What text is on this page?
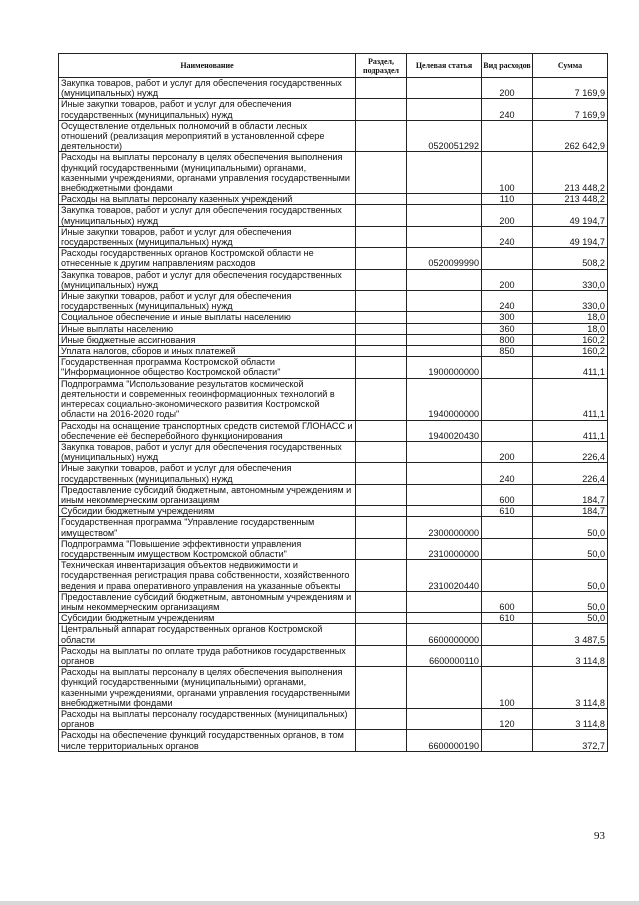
Наименование	Раздел, подраздел	Целевая статья	Вид расходов	Сумма
Закупка товаров, работ и услуг для обеспечения государственных (муниципальных) нужд			200	7 169,9
Иные закупки товаров, работ и услуг для обеспечения государственных (муниципальных) нужд			240	7 169,9
Осуществление отдельных полномочий в области лесных отношений (реализация мероприятий в установленной сфере деятельности)		0520051292		262 642,9
Расходы на выплаты персоналу в целях обеспечения выполнения функций государственными (муниципальными) органами, казенными учреждениями, органами управления государственными внебюджетными фондами			100	213 448,2
Расходы на выплаты персоналу казенных учреждений			110	213 448,2
Закупка товаров, работ и услуг для обеспечения государственных (муниципальных) нужд			200	49 194,7
Иные закупки товаров, работ и услуг для обеспечения государственных (муниципальных) нужд			240	49 194,7
Расходы государственных органов Костромской области не отнесенные к другим направлениям расходов		0520099990		508,2
Закупка товаров, работ и услуг для обеспечения государственных (муниципальных) нужд			200	330,0
Иные закупки товаров, работ и услуг для обеспечения государственных (муниципальных) нужд			240	330,0
Социальное обеспечение и иные выплаты населению			300	18,0
Иные выплаты населению			360	18,0
Иные бюджетные ассигнования			800	160,2
Уплата налогов, сборов и иных платежей			850	160,2
Государственная программа Костромской области "Информационное общество Костромской области"		1900000000		411,1
Подпрограмма "Использование результатов космической деятельности и современных геоинформационных технологий в интересах социально-экономического развития Костромской области на 2016-2020 годы"		1940000000		411,1
Расходы на оснащение транспортных средств системой ГЛОНАСС и обеспечение её бесперебойного функционирования		1940020430		411,1
Закупка товаров, работ и услуг для обеспечения государственных (муниципальных) нужд			200	226,4
Иные закупки товаров, работ и услуг для обеспечения государственных (муниципальных) нужд			240	226,4
Предоставление субсидий бюджетным, автономным учреждениям и иным некоммерческим организациям			600	184,7
Субсидии бюджетным учреждениям			610	184,7
Государственная программа "Управление государственным имуществом"		2300000000		50,0
Подпрограмма "Повышение эффективности управления государственным имуществом Костромской области"		2310000000		50,0
Техническая инвентаризация объектов недвижимости и государственная регистрация права собственности, хозяйственного ведения и права оперативного управления на указанные объекты		2310020440		50,0
Предоставление субсидий бюджетным, автономным учреждениям и иным некоммерческим организациям			600	50,0
Субсидии бюджетным учреждениям			610	50,0
Центральный аппарат государственных органов Костромской области		6600000000		3 487,5
Расходы на выплаты по оплате труда работников государственных органов		6600000110		3 114,8
Расходы на выплаты персоналу в целях обеспечения выполнения функций государственными (муниципальными) органами, казенными учреждениями, органами управления государственными внебюджетными фондами			100	3 114,8
Расходы на выплаты персоналу государственных (муниципальных) органов			120	3 114,8
Расходы на обеспечение функций государственных органов, в том числе территориальных органов		6600000190		372,7
93
